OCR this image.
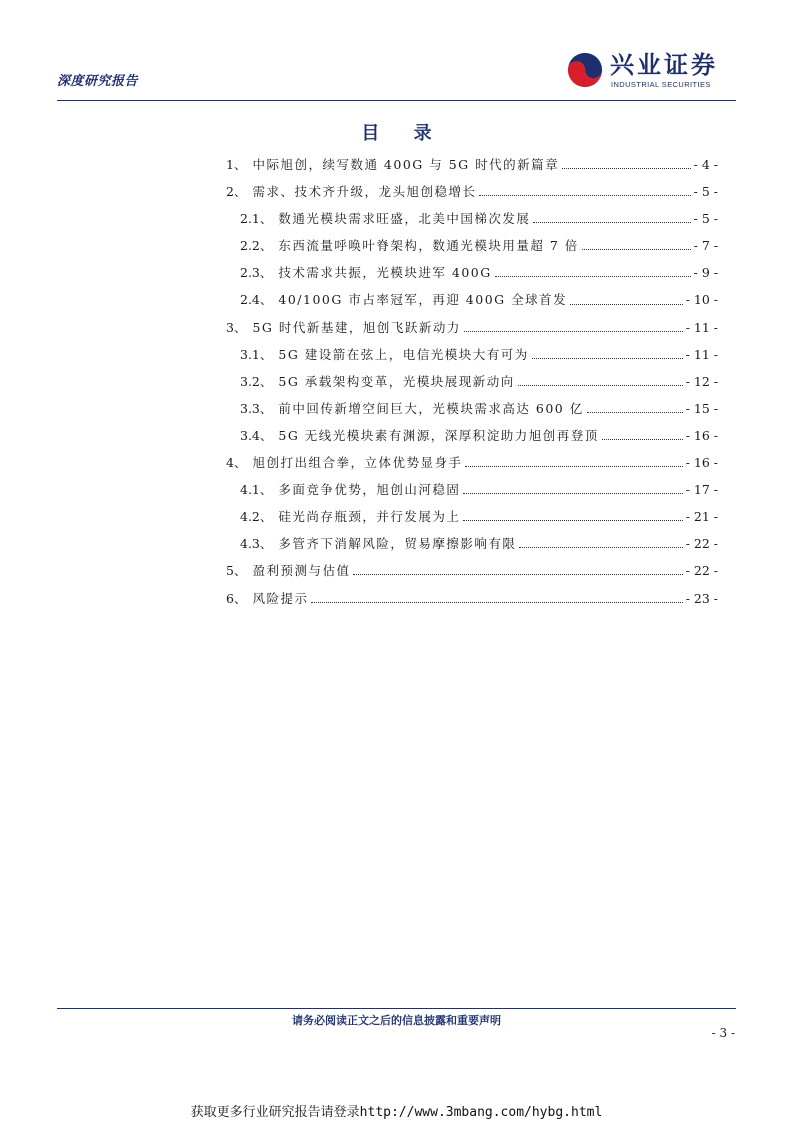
深度研究报告
兴业证券
INDUSTRIAL SECURITIES
目 录
1、 中际旭创，续写数通 400G 与 5G 时代的新篇章	- 4 -
2、 需求、技术齐升级，龙头旭创稳增长	- 5 -
2.1、 数通光模块需求旺盛，北美中国梯次发展	- 5 -
2.2、 东西流量呼唤叶脊架构，数通光模块用量超 7 倍	- 7 -
2.3、 技术需求共振，光模块进军 400G	- 9 -
2.4、 40/100G 市占率冠军，再迎 400G 全球首发	- 10 -
3、 5G 时代新基建，旭创飞跃新动力	- 11 -
3.1、 5G 建设箭在弦上，电信光模块大有可为	- 11 -
3.2、 5G 承载架构变革，光模块展现新动向	- 12 -
3.3、 前中回传新增空间巨大，光模块需求高达 600 亿	- 15 -
3.4、 5G 无线光模块素有渊源，深厚积淀助力旭创再登顶	- 16 -
4、 旭创打出组合拳，立体优势显身手	- 16 -
4.1、 多面竞争优势，旭创山河稳固	- 17 -
4.2、 硅光尚存瓶颈，并行发展为上	- 21 -
4.3、 多管齐下消解风险，贸易摩擦影响有限	- 22 -
5、 盈利预测与估值	- 22 -
6、 风险提示	- 23 -
请务必阅读正文之后的信息披露和重要声明
- 3 -
获取更多行业研究报告请登录http://www.3mbang.com/hybg.html
